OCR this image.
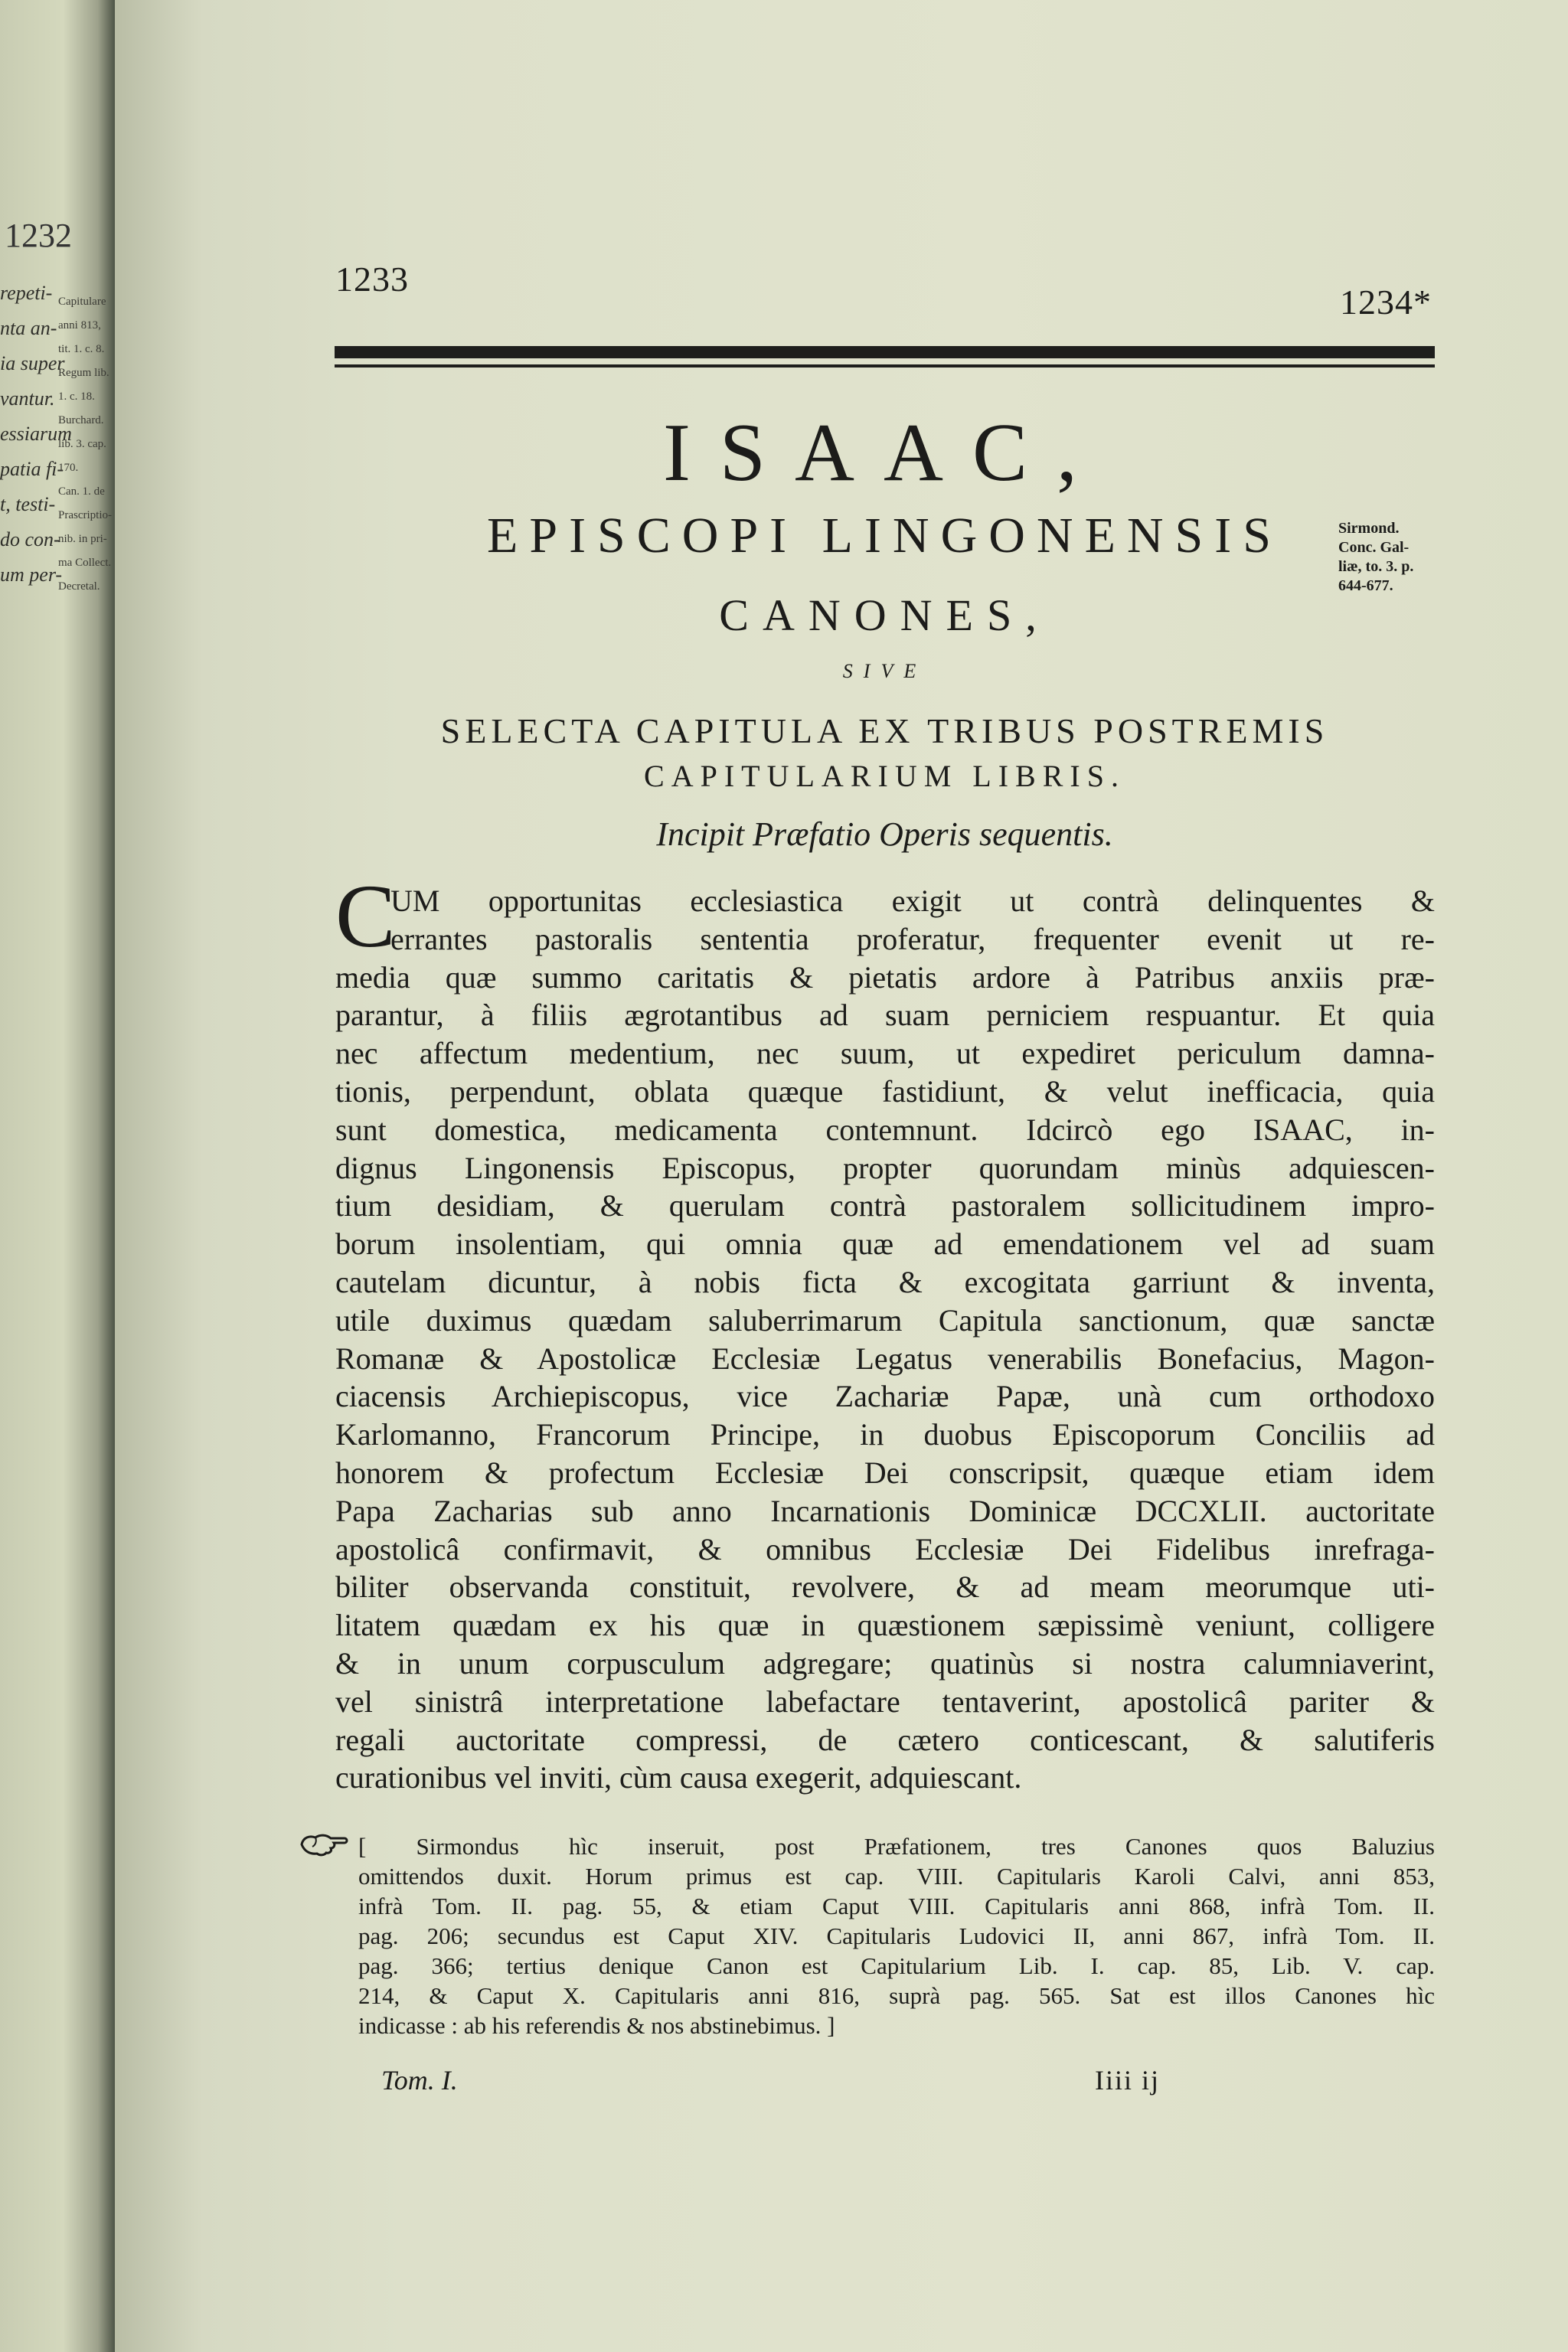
1232
repeti-
nta an-
ia super
vantur.
essiarum
patia fi-
t, testi-
do con-
um per-
Capitulare
anni 813,
tit. 1. c. 8.
Regum lib.
1. c. 18.
Burchard.
lib. 3. cap.
170.
Can. 1. de
Prascriptio-
nib. in pri-
ma Collect.
Decretal.
1233
1234*
ISAAC,
EPISCOPI LINGONENSIS
CANONES,
SIVE
SELECTA CAPITULA EX TRIBUS POSTREMIS
CAPITULARIUM LIBRIS.
Incipit Præfatio Operis sequentis.
Sirmond.
Conc. Gal-
liæ, to. 3. p.
644-677.
C
UM opportunitas ecclesiastica exigit ut contrà delinquentes &
errantes pastoralis sententia proferatur, frequenter evenit ut re-
media quæ summo caritatis & pietatis ardore à Patribus anxiis præ-
parantur, à filiis ægrotantibus ad suam perniciem respuantur. Et quia
nec affectum medentium, nec suum, ut expediret periculum damna-
tionis, perpendunt, oblata quæque fastidiunt, & velut inefficacia, quia
sunt domestica, medicamenta contemnunt. Idcircò ego ISAAC, in-
dignus Lingonensis Episcopus, propter quorundam minùs adquiescen-
tium desidiam, & querulam contrà pastoralem sollicitudinem impro-
borum insolentiam, qui omnia quæ ad emendationem vel ad suam
cautelam dicuntur, à nobis ficta & excogitata garriunt & inventa,
utile duximus quædam saluberrimarum Capitula sanctionum, quæ sanctæ
Romanæ & Apostolicæ Ecclesiæ Legatus venerabilis Bonefacius, Magon-
ciacensis Archiepiscopus, vice Zachariæ Papæ, unà cum orthodoxo
Karlomanno, Francorum Principe, in duobus Episcoporum Conciliis ad
honorem & profectum Ecclesiæ Dei conscripsit, quæque etiam idem
Papa Zacharias sub anno Incarnationis Dominicæ DCCXLII. auctoritate
apostolicâ confirmavit, & omnibus Ecclesiæ Dei Fidelibus inrefraga-
biliter observanda constituit, revolvere, & ad meam meorumque uti-
litatem quædam ex his quæ in quæstionem sæpissimè veniunt, colligere
& in unum corpusculum adgregare; quatinùs si nostra calumniaverint,
vel sinistrâ interpretatione labefactare tentaverint, apostolicâ pariter &
regali auctoritate compressi, de cætero conticescant, & salutiferis
curationibus vel inviti, cùm causa exegerit, adquiescant.
[ Sirmondus hìc inseruit, post Præfationem, tres Canones quos Baluzius
omittendos duxit. Horum primus est cap. VIII. Capitularis Karoli Calvi, anni 853,
infrà Tom. II. pag. 55, & etiam Caput VIII. Capitularis anni 868, infrà Tom. II.
pag. 206; secundus est Caput XIV. Capitularis Ludovici II, anni 867, infrà Tom. II.
pag. 366; tertius denique Canon est Capitularium Lib. I. cap. 85, Lib. V. cap.
214, & Caput X. Capitularis anni 816, suprà pag. 565. Sat est illos Canones hìc
indicasse : ab his referendis & nos abstinebimus. ]
Tom. I.	Iiii ij
